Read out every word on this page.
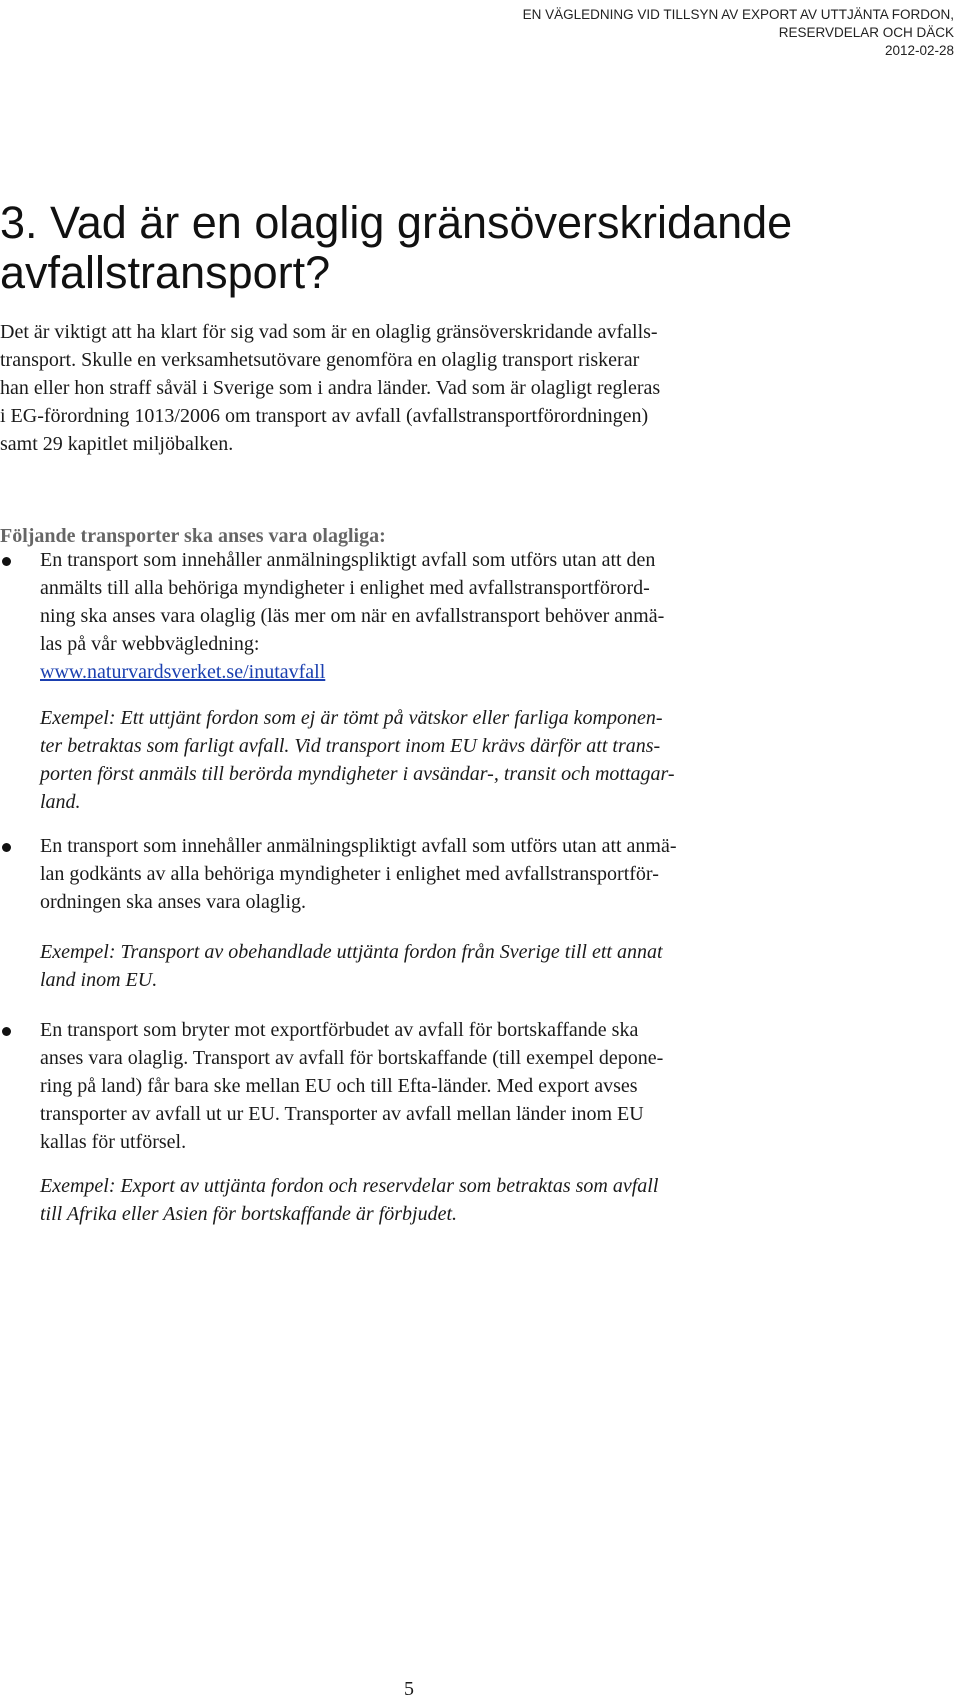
EN VÄGLEDNING VID TILLSYN AV EXPORT AV UTTJÄNTA FORDON,
RESERVDELAR OCH DÄCK
2012-02-28
3. Vad är en olaglig gränsöverskridande
avfallstransport?

Det är viktigt att ha klart för sig vad som är en olaglig gränsöverskridande avfalls-
transport. Skulle en verksamhetsutövare genomföra en olaglig transport riskerar
han eller hon straff såväl i Sverige som i andra länder. Vad som är olagligt regleras
i EG-förordning 1013/2006 om transport av avfall (avfallstransportförordningen)
samt 29 kapitlet miljöbalken.

Följande transporter ska anses vara olagliga:

En transport som innehåller anmälningspliktigt avfall som utförs utan att den
anmälts till alla behöriga myndigheter i enlighet med avfallstransportförord-
ning ska anses vara olaglig (läs mer om när en avfallstransport behöver anmä-
las på vår webbvägledning:
www.naturvardsverket.se/inutavfall
Exempel: Ett uttjänt fordon som ej är tömt på vätskor eller farliga komponen-
ter betraktas som farligt avfall. Vid transport inom EU krävs därför att trans-
porten först anmäls till berörda myndigheter i avsändar-, transit och mottagar-
land.
En transport som innehåller anmälningspliktigt avfall som utförs utan att anmä-
lan godkänts av alla behöriga myndigheter i enlighet med avfallstransportför-
ordningen ska anses vara olaglig.
Exempel: Transport av obehandlade uttjänta fordon från Sverige till ett annat
land inom EU.
En transport som bryter mot exportförbudet av avfall för bortskaffande ska
anses vara olaglig. Transport av avfall för bortskaffande (till exempel depone-
ring på land) får bara ske mellan EU och till Efta-länder. Med export avses
transporter av avfall ut ur EU. Transporter av avfall mellan länder inom EU
kallas för utförsel.
Exempel: Export av uttjänta fordon och reservdelar som betraktas som avfall
till Afrika eller Asien för bortskaffande är förbjudet.
5
